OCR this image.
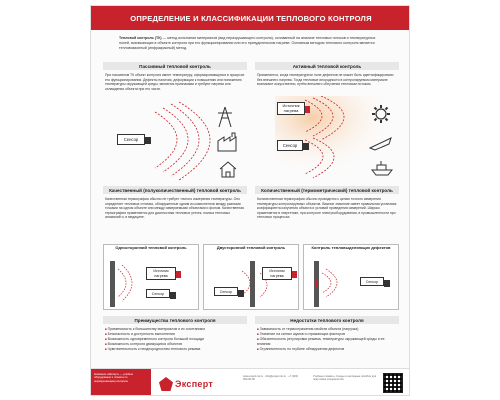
ОПРЕДЕЛЕНИЕ И КЛАССИФИКАЦИИ ТЕПЛОВОГО КОНТРОЛЯ
Тепловой контроль (ТК) — метод испытания материалов (вид неразрушающего контроля), основанный на анализе тепловых потоков и температурных полей, возникающих в объекте контроля при его функционировании или его принудительном нагреве. Основным методом теплового контроля является тепловизионный (инфракрасный) метод.
Пассивный тепловой контроль
При пассивном ТК объект контроля имеет температуру, сформировавшуюся в процессе его функционирования. Дефекты наличия, деформации к повышению или понижению температуры окружающей среды, являются признаками и требуют нагрева или охлаждения объекта при его части.
Сенсор
Активный тепловой контроль
Применяется, когда температурное поле дефектов не может быть идентифицировано без внешнего нагрева. Тогда тепловые инородности в контролируемом материале возникают искусственно, путём внешнего облучения тепловым потоком.
Источник нагрева
Сенсор
Качественный (полуколичественный) тепловой контроль
Качественная термография обычно не требует точного измерения температуры. Оно определяет тепловые отличия, обнаруженные одним из компонентов между разными точками на одном объекте или между измеряемыми объектами и фоном. Качественная термография применяется для диагностики тепловых утечек, поиска тепловых аномалий и, в медицине.
Количественный (термометрический) тепловой контроль
Количественная термография обычно проводится с целью точного измерения температуры контролируемых объектов. Важное значение имеет правильная установка коэффициента излучения объекта и условий проведения измерений. Широко применяется в энергетике, при контроле электрооборудования, в промышленности при тепловых процессах.
Односторонний тепловой контроль
Источник нагрева
Сенсор
Двусторонний тепловой контроль
Источник нагрева
Сенсор
Контроль тепловыделяющих дефектов
Сенсор
Преимущества теплового контроля
■ Применимость к большинству материалов и их сочетаниям
■ Безопасность и доступность выполнения
■ Возможность одновременного контроля большой площади
■ Возможность контроля движущихся объектов
■ Чувствительность к неоднородностям теплового режима
Недостатки теплового контроля
■ Зависимость от термоотражения свойств объекта (нагрузка)
■ Значение на сигнал шумов и отражающих факторов
■ Обязательность регулировки режима, температуры окружающей среды и ее влияния
■ Ограниченность по глубине обнаружения дефектов
Компания «Эксперт» — учебное оборудование и плакаты по неразрушающему контролю	Эксперт
www.expert-nk.ru · info@expert-nk.ru · +7 (000) 000-00-00
Учебные плакаты, стенды и наглядные пособия для подготовки специалистов
